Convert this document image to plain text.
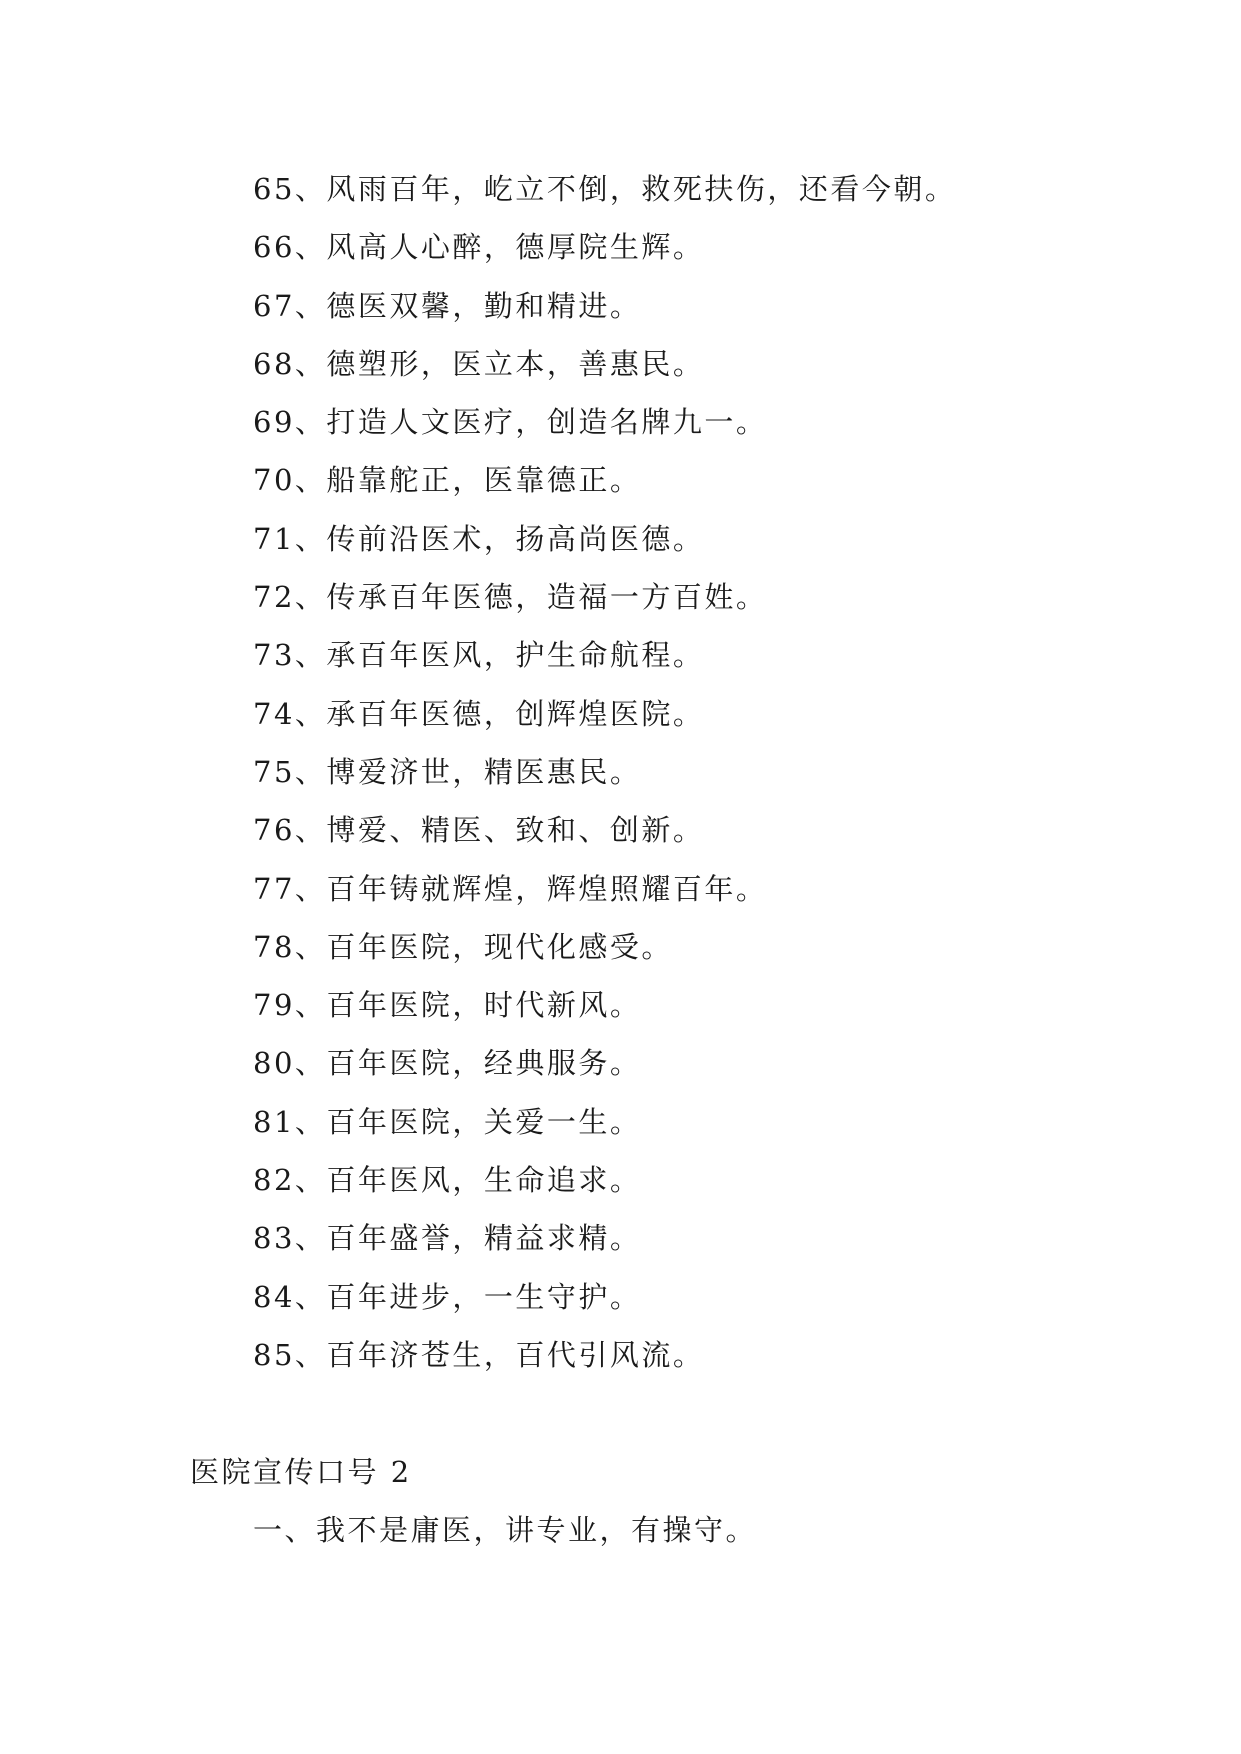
65、风雨百年，屹立不倒，救死扶伤，还看今朝。
66、风高人心醉，德厚院生辉。
67、德医双馨，勤和精进。
68、德塑形，医立本，善惠民。
69、打造人文医疗，创造名牌九一。
70、船靠舵正，医靠德正。
71、传前沿医术，扬高尚医德。
72、传承百年医德，造福一方百姓。
73、承百年医风，护生命航程。
74、承百年医德，创辉煌医院。
75、博爱济世，精医惠民。
76、博爱、精医、致和、创新。
77、百年铸就辉煌，辉煌照耀百年。
78、百年医院，现代化感受。
79、百年医院，时代新风。
80、百年医院，经典服务。
81、百年医院，关爱一生。
82、百年医风，生命追求。
83、百年盛誉，精益求精。
84、百年进步，一生守护。
85、百年济苍生，百代引风流。
医院宣传口号 2
一、我不是庸医，讲专业，有操守。
